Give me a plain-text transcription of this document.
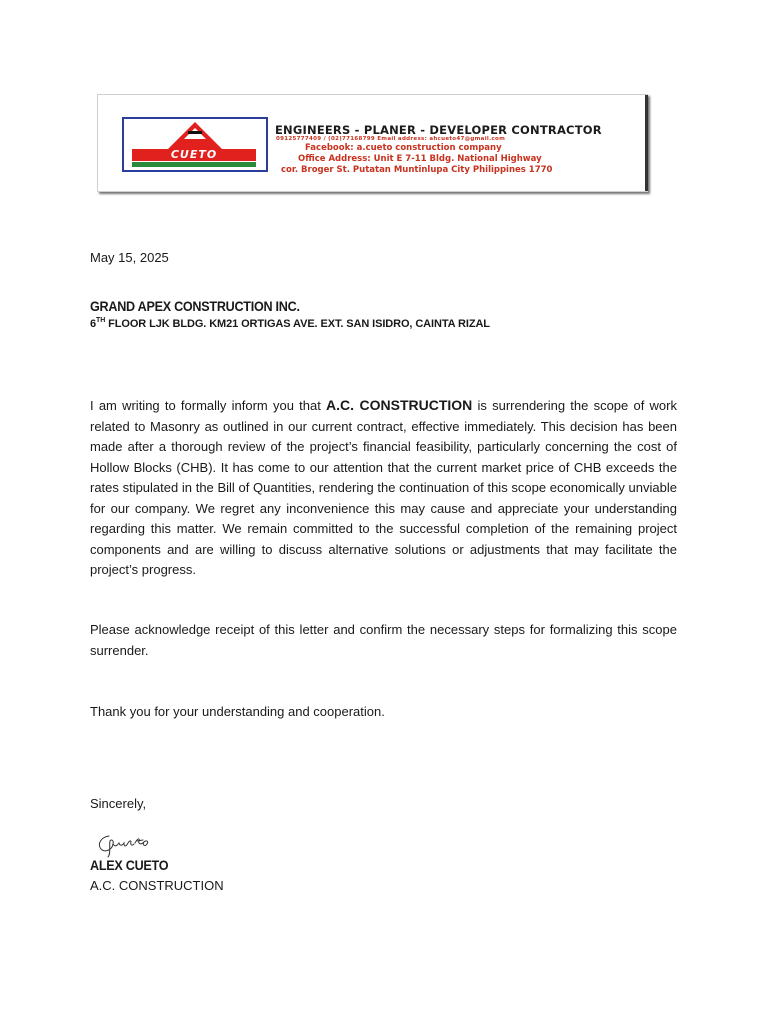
CUETO
ENGINEERS - PLANER - DEVELOPER CONTRACTOR
09125777409 / (02)77168799 Email address: ahcueto47@gmail.com
Facebook: a.cueto construction company
Office Address: Unit E 7-11 Bldg. National Highway
cor. Broger St. Putatan Muntinlupa City Philippines 1770
May 15, 2025
GRAND APEX CONSTRUCTION INC.
6TH FLOOR LJK BLDG. KM21 ORTIGAS AVE. EXT. SAN ISIDRO, CAINTA RIZAL

I am writing to formally inform you that A.C. CONSTRUCTION is surrendering the scope of work related to Masonry as outlined in our current contract, effective immediately. This decision has been made after a thorough review of the project’s financial feasibility, particularly concerning the cost of Hollow Blocks (CHB). It has come to our attention that the current market price of CHB exceeds the rates stipulated in the Bill of Quantities, rendering the continuation of this scope economically unviable for our company. We regret any inconvenience this may cause and appreciate your understanding regarding this matter. We remain committed to the successful completion of the remaining project components and are willing to discuss alternative solutions or adjustments that may facilitate the project’s progress.

Please acknowledge receipt of this letter and confirm the necessary steps for formalizing this scope surrender.

Thank you for your understanding and cooperation.

Sincerely,
ALEX CUETO
A.C. CONSTRUCTION
